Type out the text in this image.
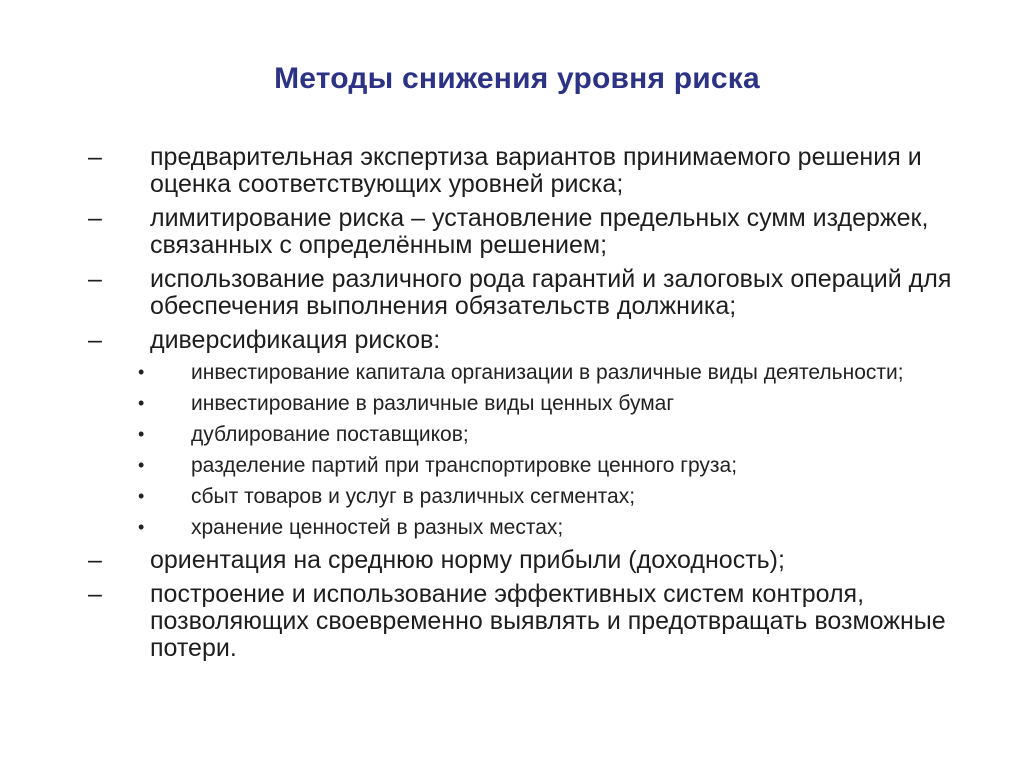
Методы снижения уровня риска
– предварительная экспертиза вариантов принимаемого решения и оценка соответствующих уровней риска;
– лимитирование риска – установление предельных сумм издержек, связанных с определённым решением;
– использование различного рода гарантий и залоговых операций для обеспечения выполнения обязательств должника;
– диверсификация рисков:
• инвестирование капитала организации в различные виды деятельности;
• инвестирование в различные виды ценных бумаг
• дублирование поставщиков;
• разделение партий при транспортировке ценного груза;
• сбыт товаров и услуг в различных сегментах;
• хранение ценностей в разных местах;
– ориентация на среднюю норму прибыли (доходность);
– построение и использование эффективных систем контроля, позволяющих своевременно выявлять и предотвращать возможные потери.
